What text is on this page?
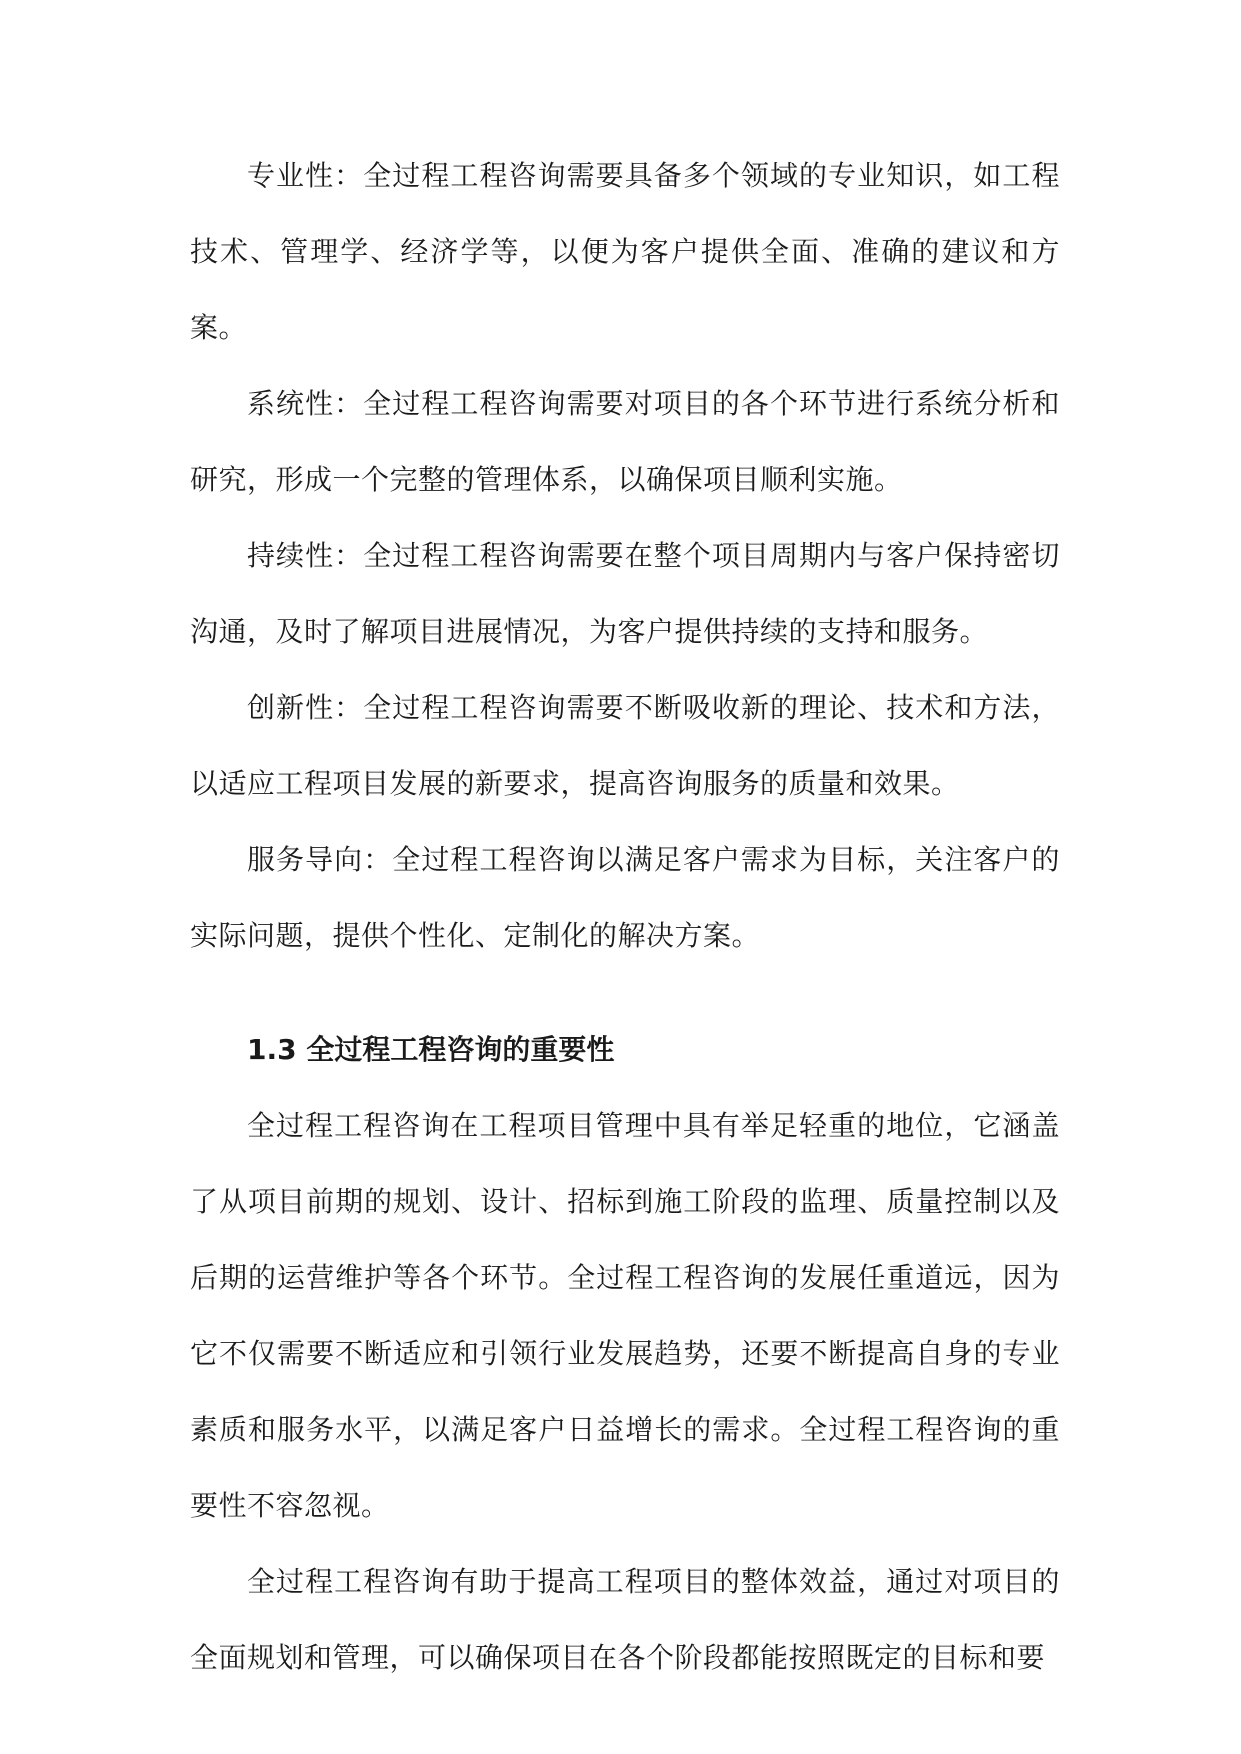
专业性：全过程工程咨询需要具备多个领域的专业知识，如工程技术、管理学、经济学等，以便为客户提供全面、准确的建议和方案。

系统性：全过程工程咨询需要对项目的各个环节进行系统分析和研究，形成一个完整的管理体系，以确保项目顺利实施。

持续性：全过程工程咨询需要在整个项目周期内与客户保持密切沟通，及时了解项目进展情况，为客户提供持续的支持和服务。

创新性：全过程工程咨询需要不断吸收新的理论、技术和方法，以适应工程项目发展的新要求，提高咨询服务的质量和效果。

服务导向：全过程工程咨询以满足客户需求为目标，关注客户的实际问题，提供个性化、定制化的解决方案。

1.3 全过程工程咨询的重要性

全过程工程咨询在工程项目管理中具有举足轻重的地位，它涵盖了从项目前期的规划、设计、招标到施工阶段的监理、质量控制以及后期的运营维护等各个环节。全过程工程咨询的发展任重道远，因为它不仅需要不断适应和引领行业发展趋势，还要不断提高自身的专业素质和服务水平，以满足客户日益增长的需求。全过程工程咨询的重要性不容忽视。

全过程工程咨询有助于提高工程项目的整体效益，通过对项目的全面规划和管理，可以确保项目在各个阶段都能按照既定的目标和要
